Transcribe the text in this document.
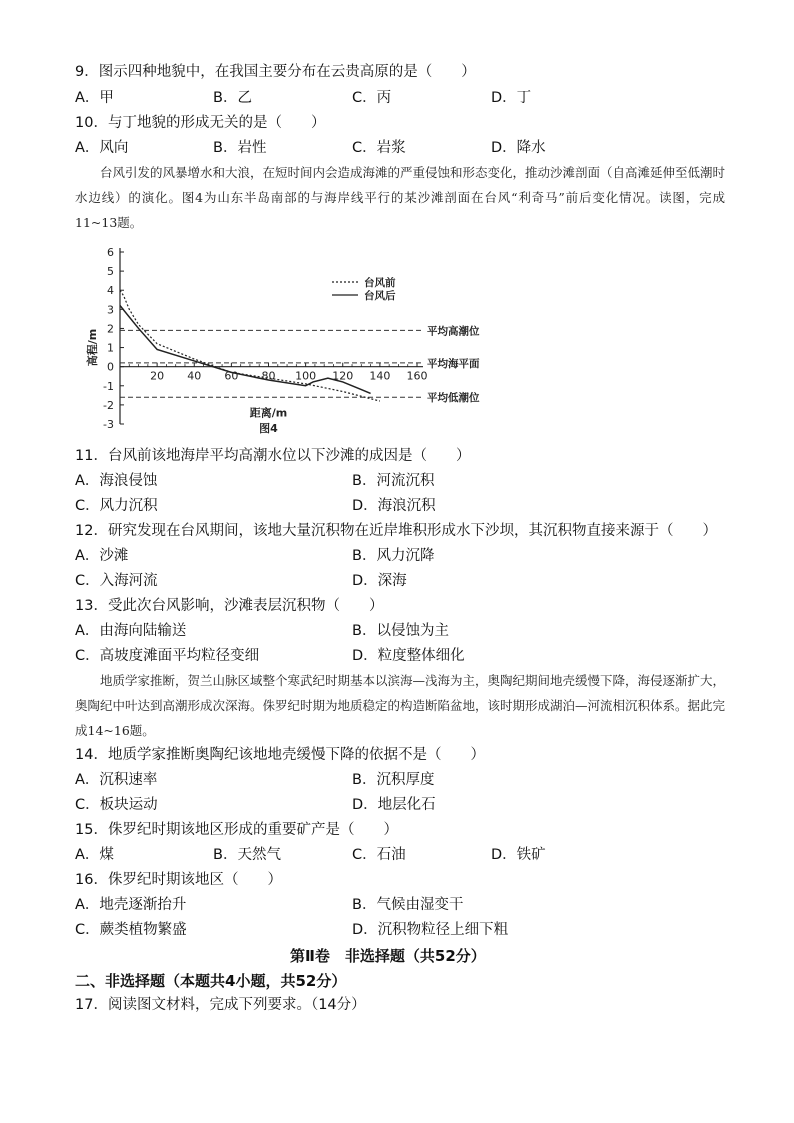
9．图示四种地貌中，在我国主要分布在云贵高原的是（　　）
A．甲	B．乙	C．丙	D．丁
10．与丁地貌的形成无关的是（　　）
A．风向	B．岩性	C．岩浆	D．降水

台风引发的风暴增水和大浪，在短时间内会造成海滩的严重侵蚀和形态变化，推动沙滩剖面（自高滩延伸至低潮时水边线）的演化。图4为山东半岛南部的与海岸线平行的某沙滩剖面在台风“利奇马”前后变化情况。读图，完成11~13题。

6
5
4
3
2
1
0
-1
-2
-3
20 40 60 80 100 120 140 160
平均高潮位
平均海平面
平均低潮位
台风前
台风后
高程/m
距离/m
图4
11．台风前该地海岸平均高潮水位以下沙滩的成因是（　　）
A．海浪侵蚀	B．河流沉积
C．风力沉积	D．海浪沉积
12．研究发现在台风期间，该地大量沉积物在近岸堆积形成水下沙坝，其沉积物直接来源于（　　）
A．沙滩	B．风力沉降
C．入海河流	D．深海
13．受此次台风影响，沙滩表层沉积物（　　）
A．由海向陆输送	B．以侵蚀为主
C．高坡度滩面平均粒径变细	D．粒度整体细化

地质学家推断，贺兰山脉区域整个寒武纪时期基本以滨海—浅海为主，奥陶纪期间地壳缓慢下降，海侵逐渐扩大，奥陶纪中叶达到高潮形成次深海。侏罗纪时期为地质稳定的构造断陷盆地，该时期形成湖泊—河流相沉积体系。据此完成14~16题。

14．地质学家推断奥陶纪该地地壳缓慢下降的依据不是（　　）
A．沉积速率	B．沉积厚度
C．板块运动	D．地层化石
15．侏罗纪时期该地区形成的重要矿产是（　　）
A．煤	B．天然气	C．石油	D．铁矿
16．侏罗纪时期该地区（　　）
A．地壳逐渐抬升	B．气候由湿变干
C．蕨类植物繁盛	D．沉积物粒径上细下粗
第Ⅱ卷　非选择题（共52分）
二、非选择题（本题共4小题，共52分）
17．阅读图文材料，完成下列要求。（14分）
